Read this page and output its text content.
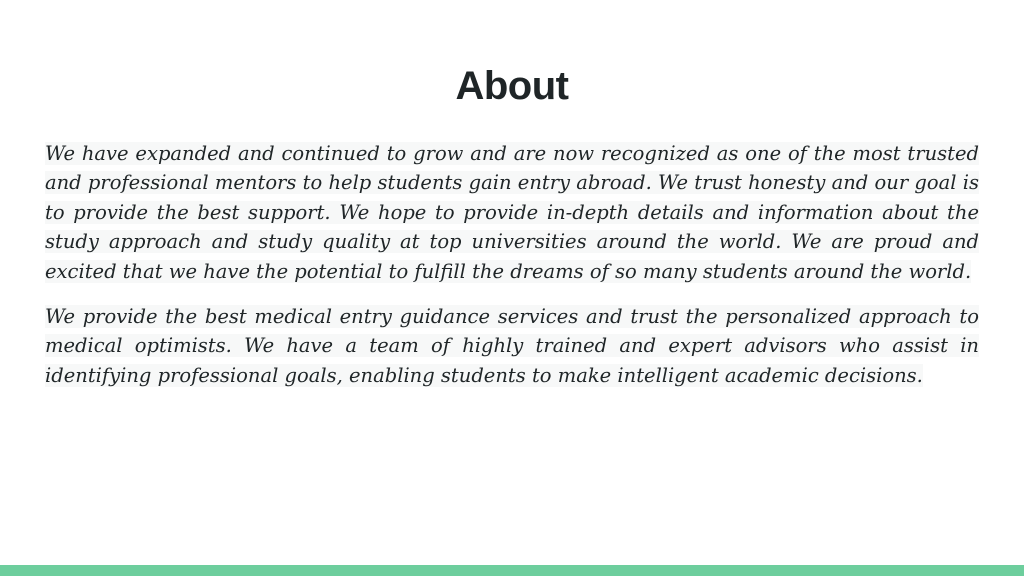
About

We have expanded and continued to grow and are now recognized as one of the most trusted and professional mentors to help students gain entry abroad. We trust honesty and our goal is to provide the best support. We hope to provide in-depth details and information about the study approach and study quality at top universities around the world. We are proud and excited that we have the potential to fulfill the dreams of so many students around the world.

We provide the best medical entry guidance services and trust the personalized approach to medical optimists. We have a team of highly trained and expert advisors who assist in identifying professional goals, enabling students to make intelligent academic decisions.
